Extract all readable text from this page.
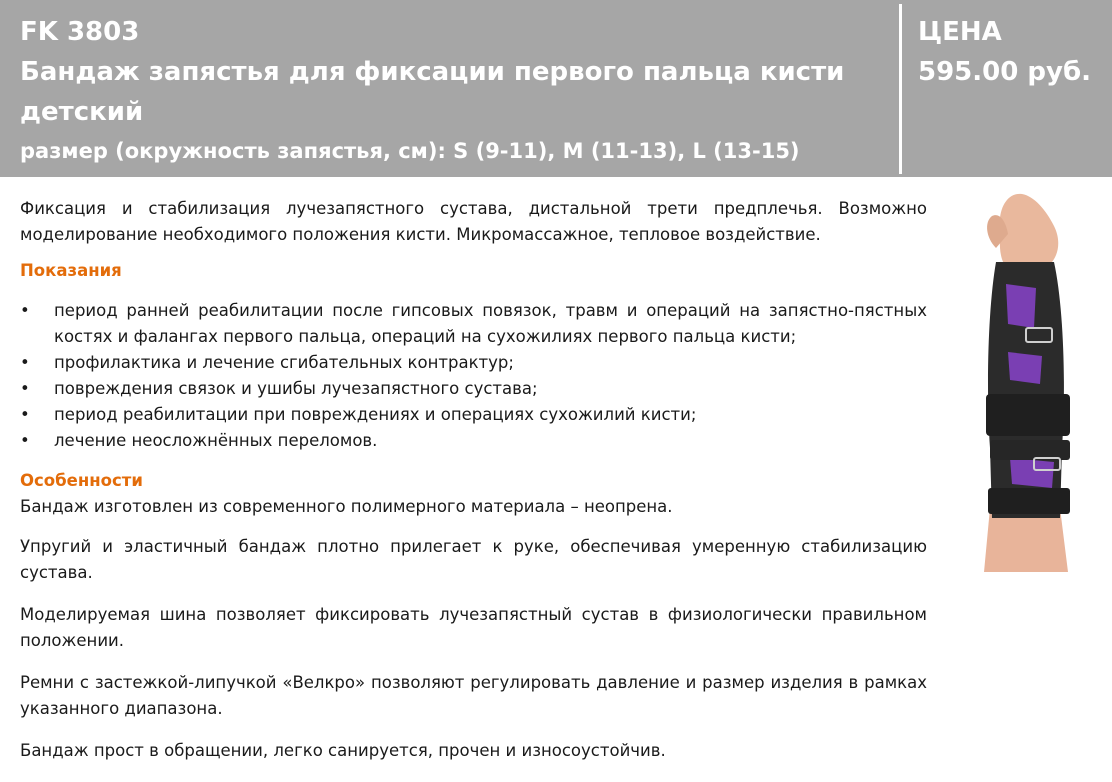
FK 3803
Бандаж запястья для фиксации первого пальца кисти
детский
размер (окружность запястья, см): S (9-11), M (11-13), L (13-15)
ЦЕНА
595.00 руб.

Фиксация и стабилизация лучезапястного сустава, дистальной трети предплечья. Возможно моделирование необходимого положения кисти. Микромассажное, тепловое воздействие.

Показания
•	период ранней реабилитации после гипсовых повязок, травм и операций на запястно-пястных костях и фалангах первого пальца, операций на сухожилиях первого пальца кисти;
•	профилактика и лечение сгибательных контрактур;
•	повреждения связок и ушибы лучезапястного сустава;
•	период реабилитации при повреждениях и операциях сухожилий кисти;
•	лечение неосложнённых переломов.
Особенности

Бандаж изготовлен из современного полимерного материала – неопрена.

Упругий и эластичный бандаж плотно прилегает к руке, обеспечивая умеренную стабилизацию сустава.

Моделируемая шина позволяет фиксировать лучезапястный сустав в физиологически правильном положении.

Ремни с застежкой-липучкой «Велкро» позволяют регулировать давление и размер изделия в рамках указанного диапазона.

Бандаж прост в обращении, легко санируется, прочен и износоустойчив.
